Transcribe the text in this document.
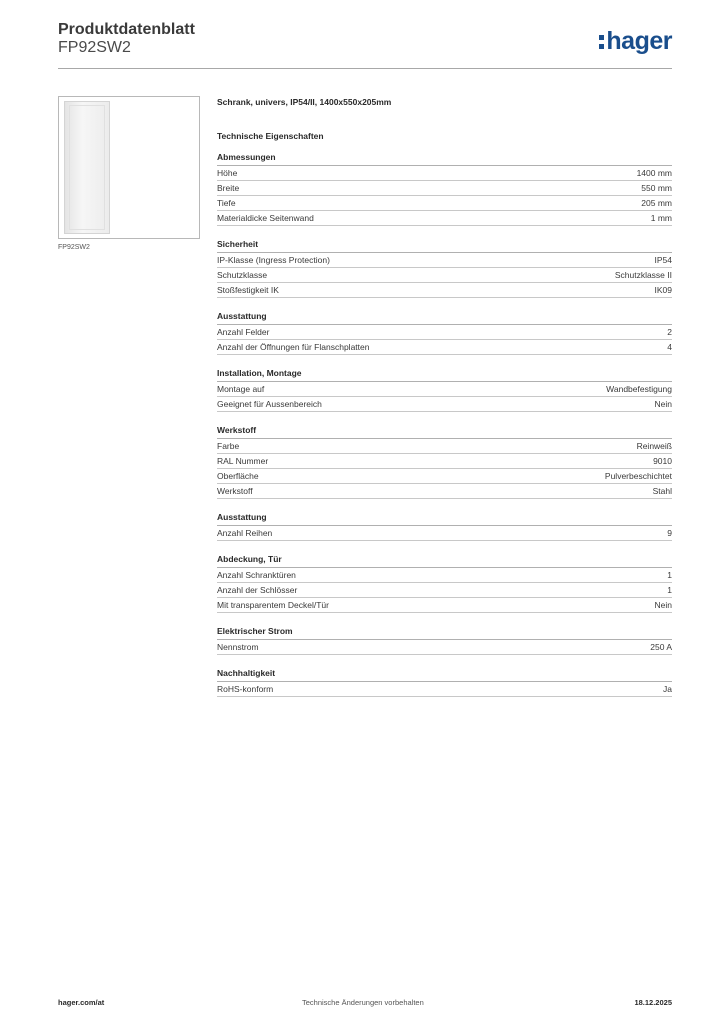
Produktdatenblatt
FP92SW2	hager
FP92SW2
Schrank, univers, IP54/II, 1400x550x205mm
Technische Eigenschaften
Abmessungen
Höhe	1400 mm
Breite	550 mm
Tiefe	205 mm
Materialdicke Seitenwand	1 mm
Sicherheit
IP-Klasse (Ingress Protection)	IP54
Schutzklasse	Schutzklasse II
Stoßfestigkeit IK	IK09
Ausstattung
Anzahl Felder	2
Anzahl der Öffnungen für Flanschplatten	4
Installation, Montage
Montage auf	Wandbefestigung
Geeignet für Aussenbereich	Nein
Werkstoff
Farbe	Reinweiß
RAL Nummer	9010
Oberfläche	Pulverbeschichtet
Werkstoff	Stahl
Ausstattung
Anzahl Reihen	9
Abdeckung, Tür
Anzahl Schranktüren	1
Anzahl der Schlösser	1
Mit transparentem Deckel/Tür	Nein
Elektrischer Strom
Nennstrom	250 A
Nachhaltigkeit
RoHS-konform	Ja
hager.com/at	Technische Änderungen vorbehalten	18.12.2025
